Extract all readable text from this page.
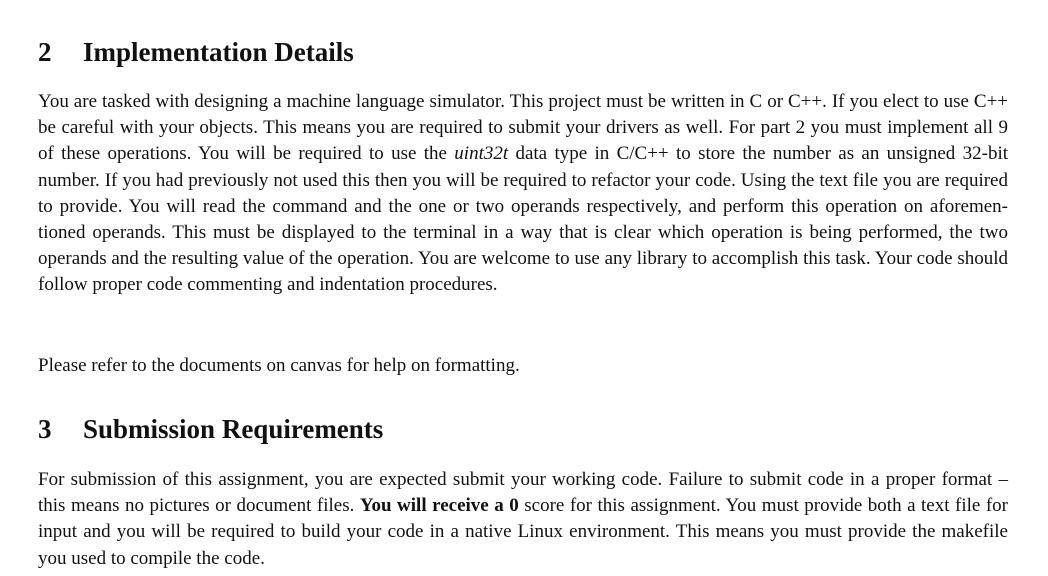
2 Implementation Details

You are tasked with designing a machine language simulator. This project must be written in C or C++. If you elect to use C++ be careful with your objects. This means you are required to submit your drivers as well. For part 2 you must implement all 9 of these operations. You will be required to use the uint32t data type in C/C++ to store the number as an unsigned 32-bit number. If you had previously not used this then you will be required to refactor your code. Using the text file you are required to provide. You will read the command and the one or two operands respectively, and perform this operation on aforementioned operands. This must be displayed to the terminal in a way that is clear which operation is being performed, the two operands and the resulting value of the operation. You are welcome to use any library to accomplish this task. Your code should follow proper code commenting and indentation procedures.

Please refer to the documents on canvas for help on formatting.

3 Submission Requirements

For submission of this assignment, you are expected submit your working code. Failure to submit code in a proper format – this means no pictures or document files. You will receive a 0 score for this assignment. You must provide both a text file for input and you will be required to build your code in a native Linux environment. This means you must provide the makefile you used to compile the code.
